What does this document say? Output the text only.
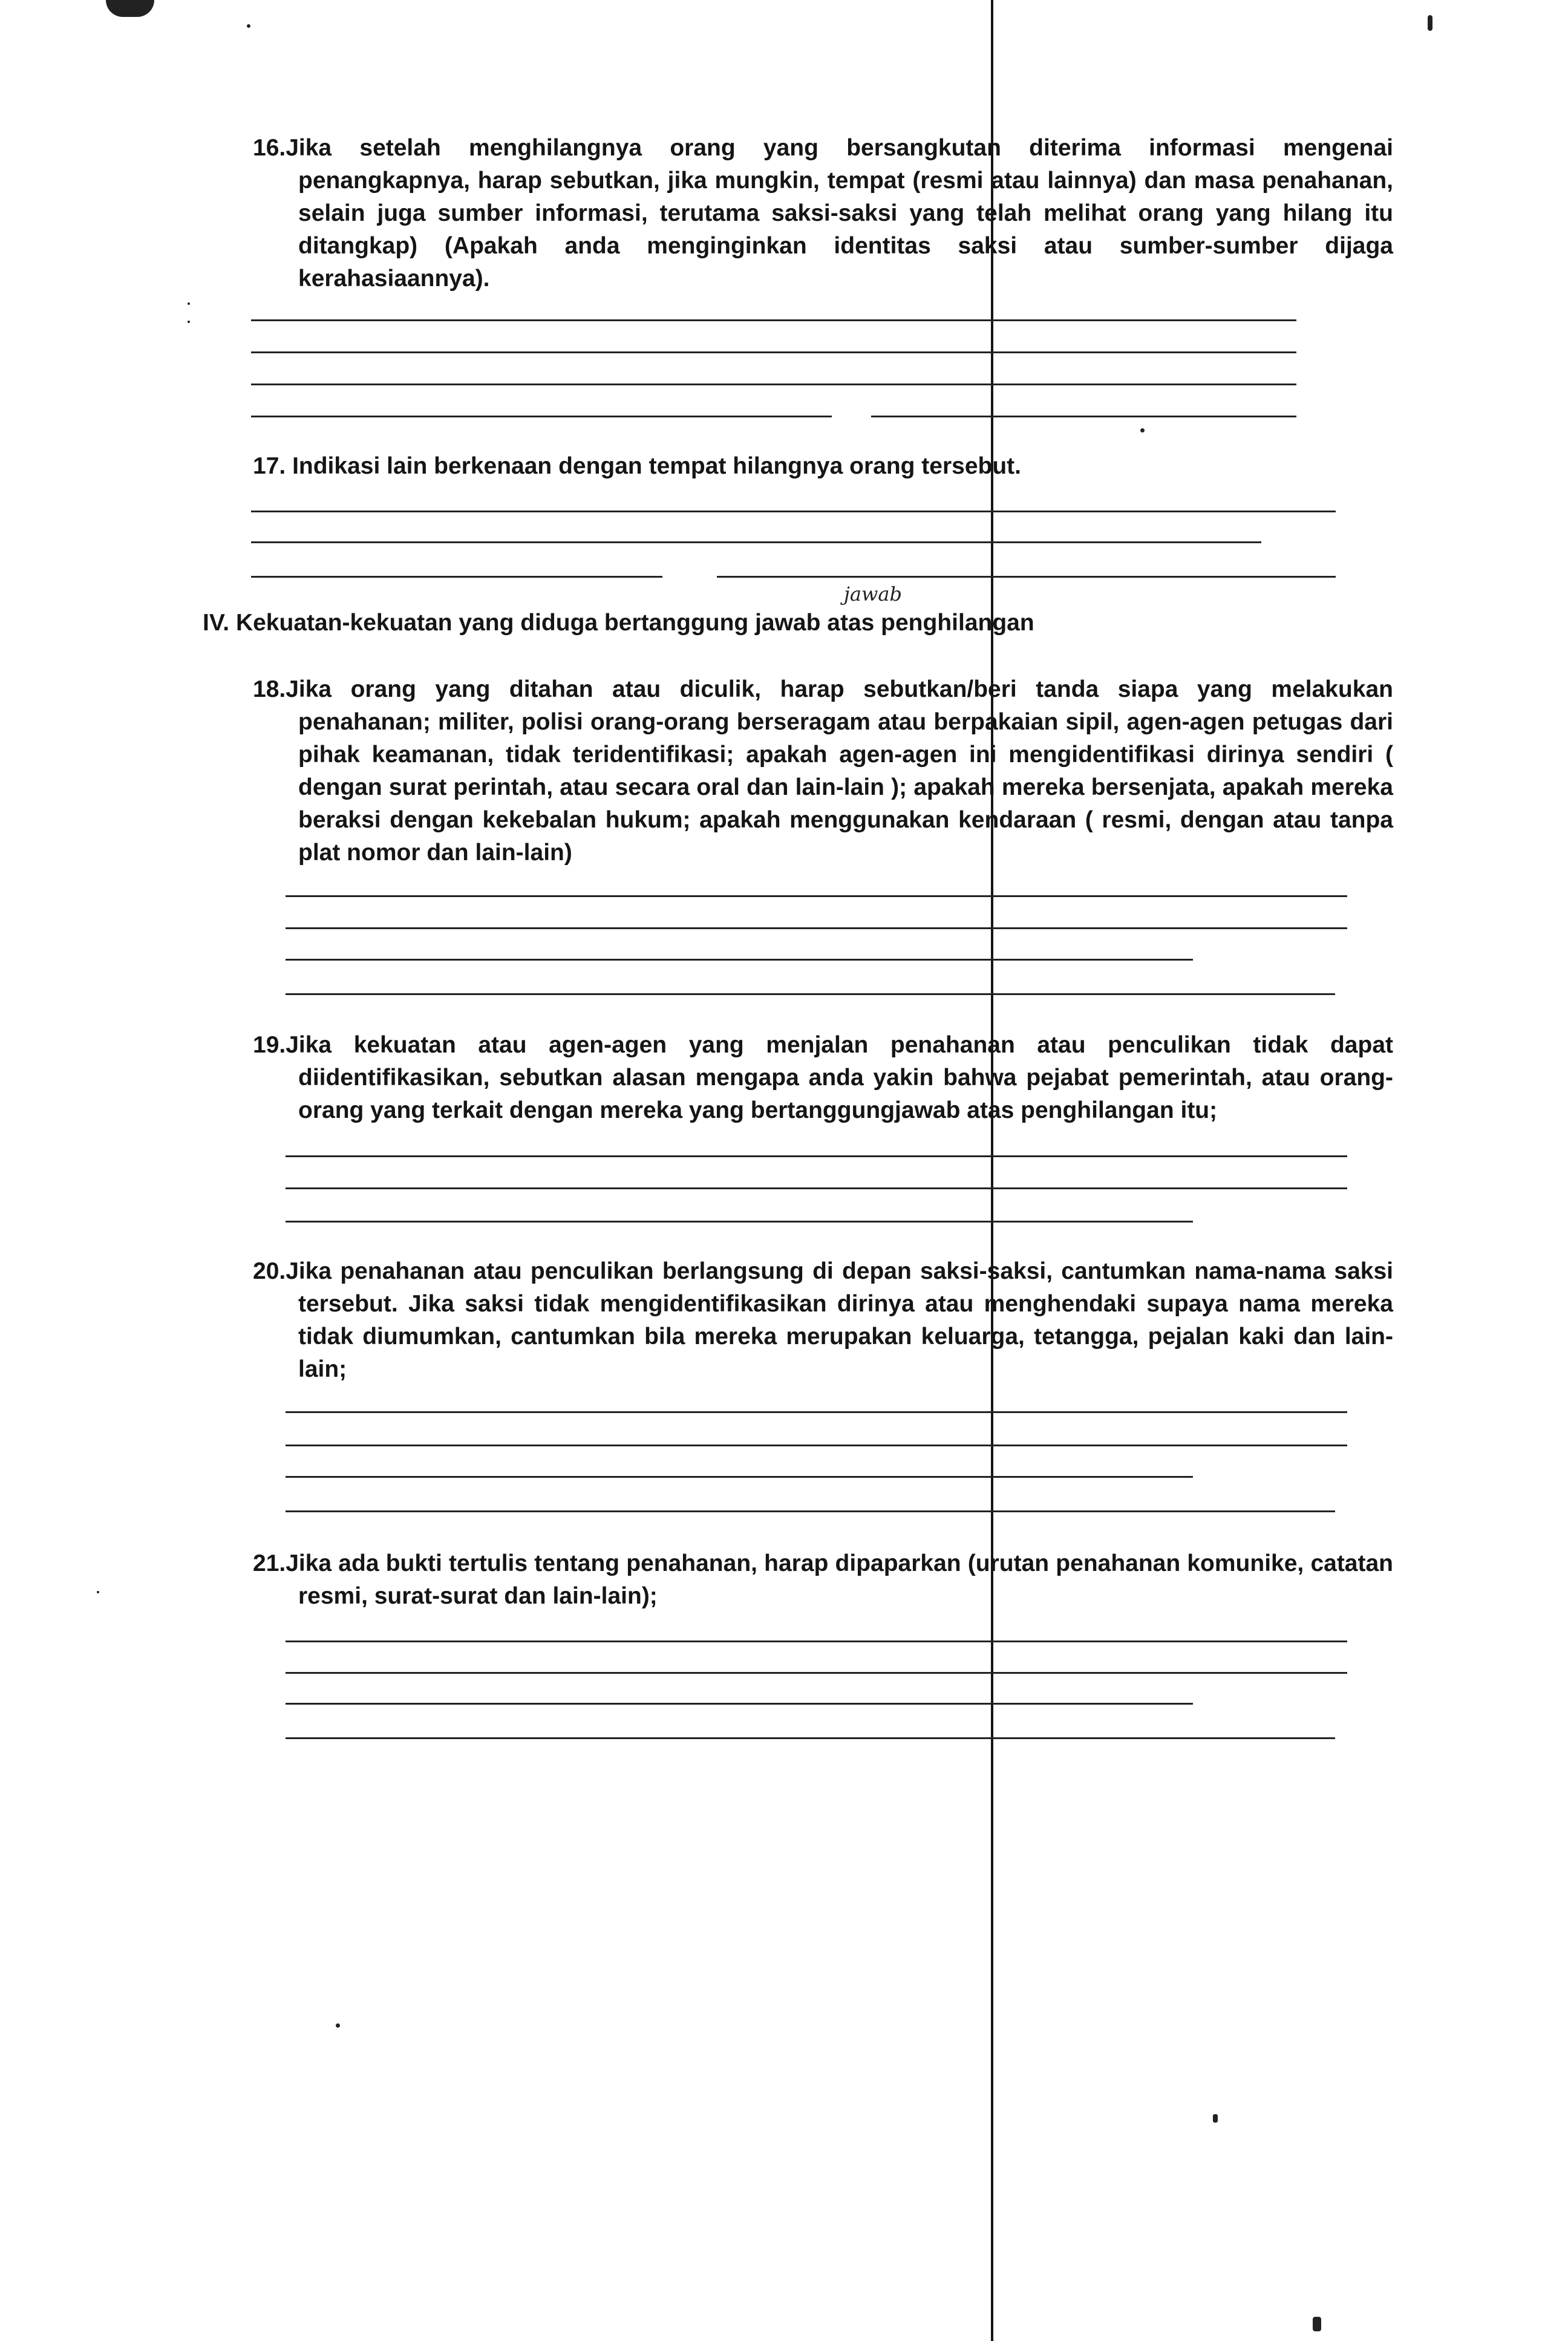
16.Jika setelah menghilangnya orang yang bersangkutan diterima informasi mengenai penangkapnya, harap sebutkan, jika mungkin, tempat (resmi atau lainnya) dan masa penahanan, selain juga sumber informasi, terutama saksi-saksi yang telah melihat orang yang hilang itu ditangkap) (Apakah anda menginginkan identitas saksi atau sumber-sumber dijaga kerahasiaannya).
17. Indikasi lain berkenaan dengan tempat hilangnya orang tersebut.
jawab
IV. Kekuatan-kekuatan yang diduga bertanggung jawab atas penghilangan
18.Jika orang yang ditahan atau diculik, harap sebutkan/beri tanda siapa yang melakukan penahanan; militer, polisi orang-orang berseragam atau berpakaian sipil, agen-agen petugas dari pihak keamanan, tidak teridentifikasi; apakah agen-agen ini mengidentifikasi dirinya sendiri ( dengan surat perintah, atau secara oral dan lain-lain ); apakah mereka bersenjata, apakah mereka beraksi dengan kekebalan hukum; apakah menggunakan kendaraan ( resmi, dengan atau tanpa plat nomor dan lain-lain)
19.Jika kekuatan atau agen-agen yang menjalan penahanan atau penculikan tidak dapat diidentifikasikan, sebutkan alasan mengapa anda yakin bahwa pejabat pemerintah, atau orang-orang yang terkait dengan mereka yang bertanggungjawab atas penghilangan itu;
20.Jika penahanan atau penculikan berlangsung di depan saksi-saksi, cantumkan nama-nama saksi tersebut. Jika saksi tidak mengidentifikasikan dirinya atau menghendaki supaya nama mereka tidak diumumkan, cantumkan bila mereka merupakan keluarga, tetangga, pejalan kaki dan lain-lain;
21.Jika ada bukti tertulis tentang penahanan, harap dipaparkan (urutan penahanan komunike, catatan resmi, surat-surat dan lain-lain);
